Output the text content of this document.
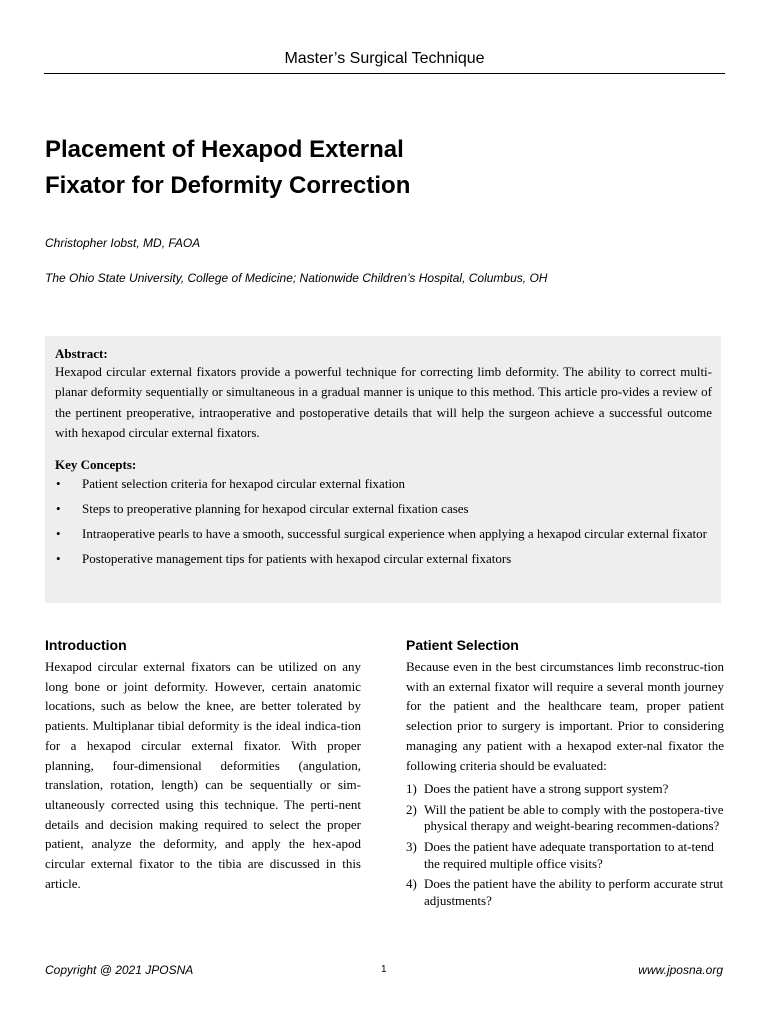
Master’s Surgical Technique
Placement of Hexapod External
Fixator for Deformity Correction
Christopher Iobst, MD, FAOA
The Ohio State University, College of Medicine; Nationwide Children’s Hospital, Columbus, OH
Abstract:

Hexapod circular external fixators provide a powerful technique for correcting limb deformity. The ability to correct multi-planar deformity sequentially or simultaneous in a gradual manner is unique to this method. This article pro-vides a review of the pertinent preoperative, intraoperative and postoperative details that will help the surgeon achieve a successful outcome with hexapod circular external fixators.

Key Concepts:
• Patient selection criteria for hexapod circular external fixation
• Steps to preoperative planning for hexapod circular external fixation cases
• Intraoperative pearls to have a smooth, successful surgical experience when applying a hexapod circular external fixator
• Postoperative management tips for patients with hexapod circular external fixators
Introduction

Hexapod circular external fixators can be utilized on any long bone or joint deformity. However, certain anatomic locations, such as below the knee, are better tolerated by patients. Multiplanar tibial deformity is the ideal indica-tion for a hexapod circular external fixator. With proper planning, four-dimensional deformities (angulation, translation, rotation, length) can be sequentially or sim-ultaneously corrected using this technique. The perti-nent details and decision making required to select the proper patient, analyze the deformity, and apply the hex-apod circular external fixator to the tibia are discussed in this article.

Patient Selection

Because even in the best circumstances limb reconstruc-tion with an external fixator will require a several month journey for the patient and the healthcare team, proper patient selection prior to surgery is important. Prior to considering managing any patient with a hexapod exter-nal fixator the following criteria should be evaluated:

1) Does the patient have a strong support system?
2) Will the patient be able to comply with the postopera-tive physical therapy and weight-bearing recommen-dations?
3) Does the patient have adequate transportation to at-tend the required multiple office visits?
4) Does the patient have the ability to perform accurate strut adjustments?
Copyright @ 2021 JPOSNA	1	www.jposna.org
